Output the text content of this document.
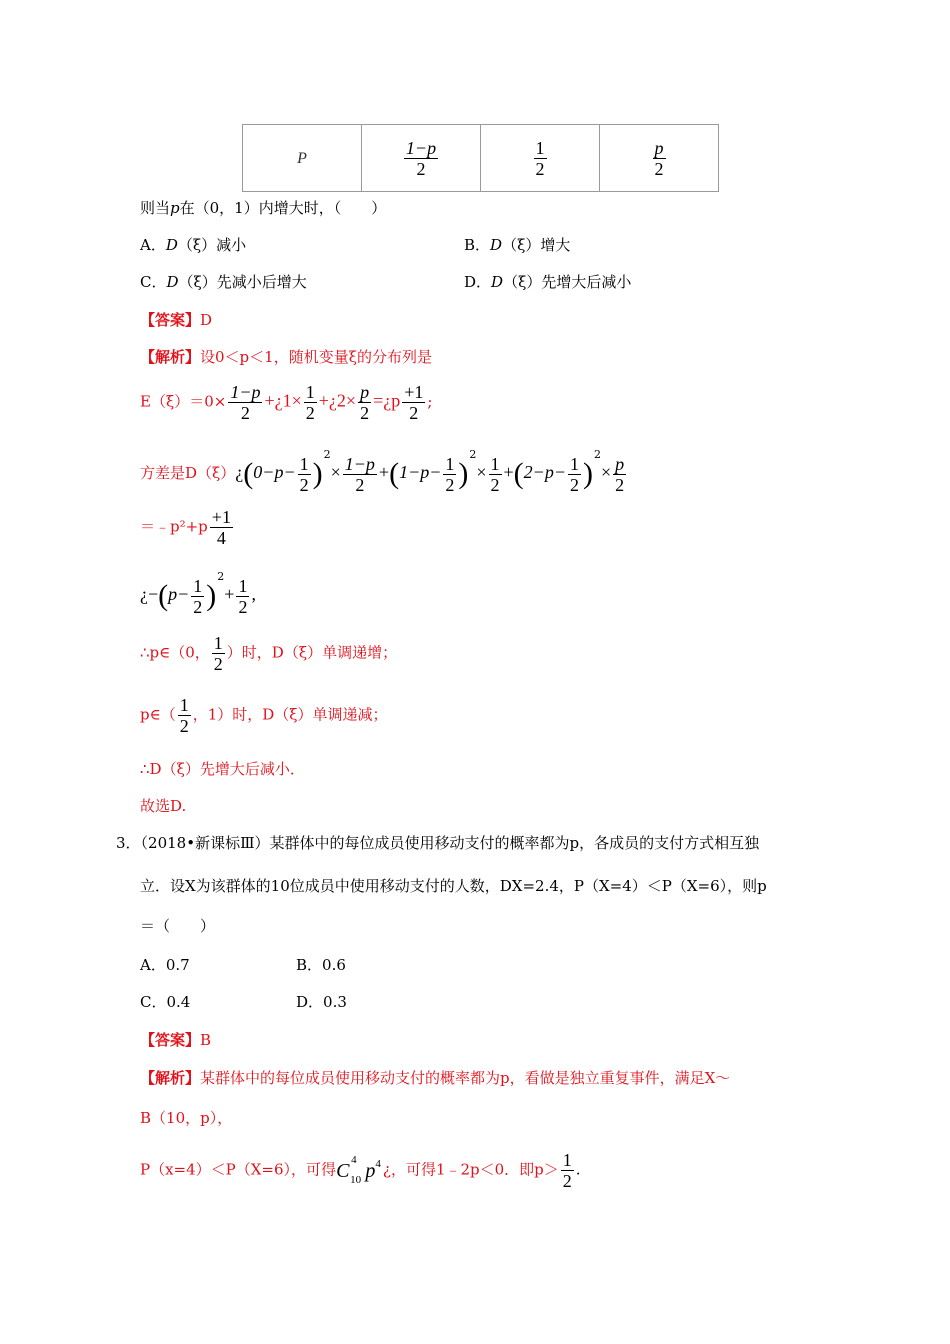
P	$\frac{1-p}{2}$	$\frac{1}{2}$	$\frac{p}{2}$
则当p在（0，1）内增大时，（　　）
A．D（ξ）减小	B．D（ξ）增大
C．D（ξ）先减小后增大	D．D（ξ）先增大后减小
【答案】D
【解析】设0＜p＜1，随机变量ξ的分布列是
$E(\xi)=0\times \frac{1-p}{2}$ +¿1× $\frac{1}{2}$ +¿2× $\frac{p}{2}$ =¿p $\frac{+1}{2}$ ;
方差是D（ξ）¿(0−p− $\frac{1}{2} )^2\times \frac{1-p}{2} +(1-p- \frac{1}{2} )^2\times \frac{1}{2} +(2-p- \frac{1}{2} )^2\times \frac{p}{2}$
＝﹣p²+p $\frac{+1}{4}$
¿$-(p- \frac{1}{2} )^2+ \frac{1}{2}$ ,
∴p∈（0， $\frac{1}{2}$ ）时，D（ξ）单调递增；
p∈（ $\frac{1}{2}$ ，1）时，D（ξ）单调递减；
∴D（ξ）先增大后减小．
故选D.
3．（2018•新课标Ⅲ）某群体中的每位成员使用移动支付的概率都为p，各成员的支付方式相互独
立．设X为该群体的10位成员中使用移动支付的人数，DX=2.4，P（X=4）＜P（X=6），则p
＝（　　）
A．0.7	B．0.6
C．0.4	D．0.3
【答案】B
【解析】某群体中的每位成员使用移动支付的概率都为p，看做是独立重复事件，满足X～
B（10，p），
P（x=4）＜P（X=6），可得C 4
10 $p^4$ ¿，可得1﹣2p＜0．即$p> \frac{1}{2}$ .
